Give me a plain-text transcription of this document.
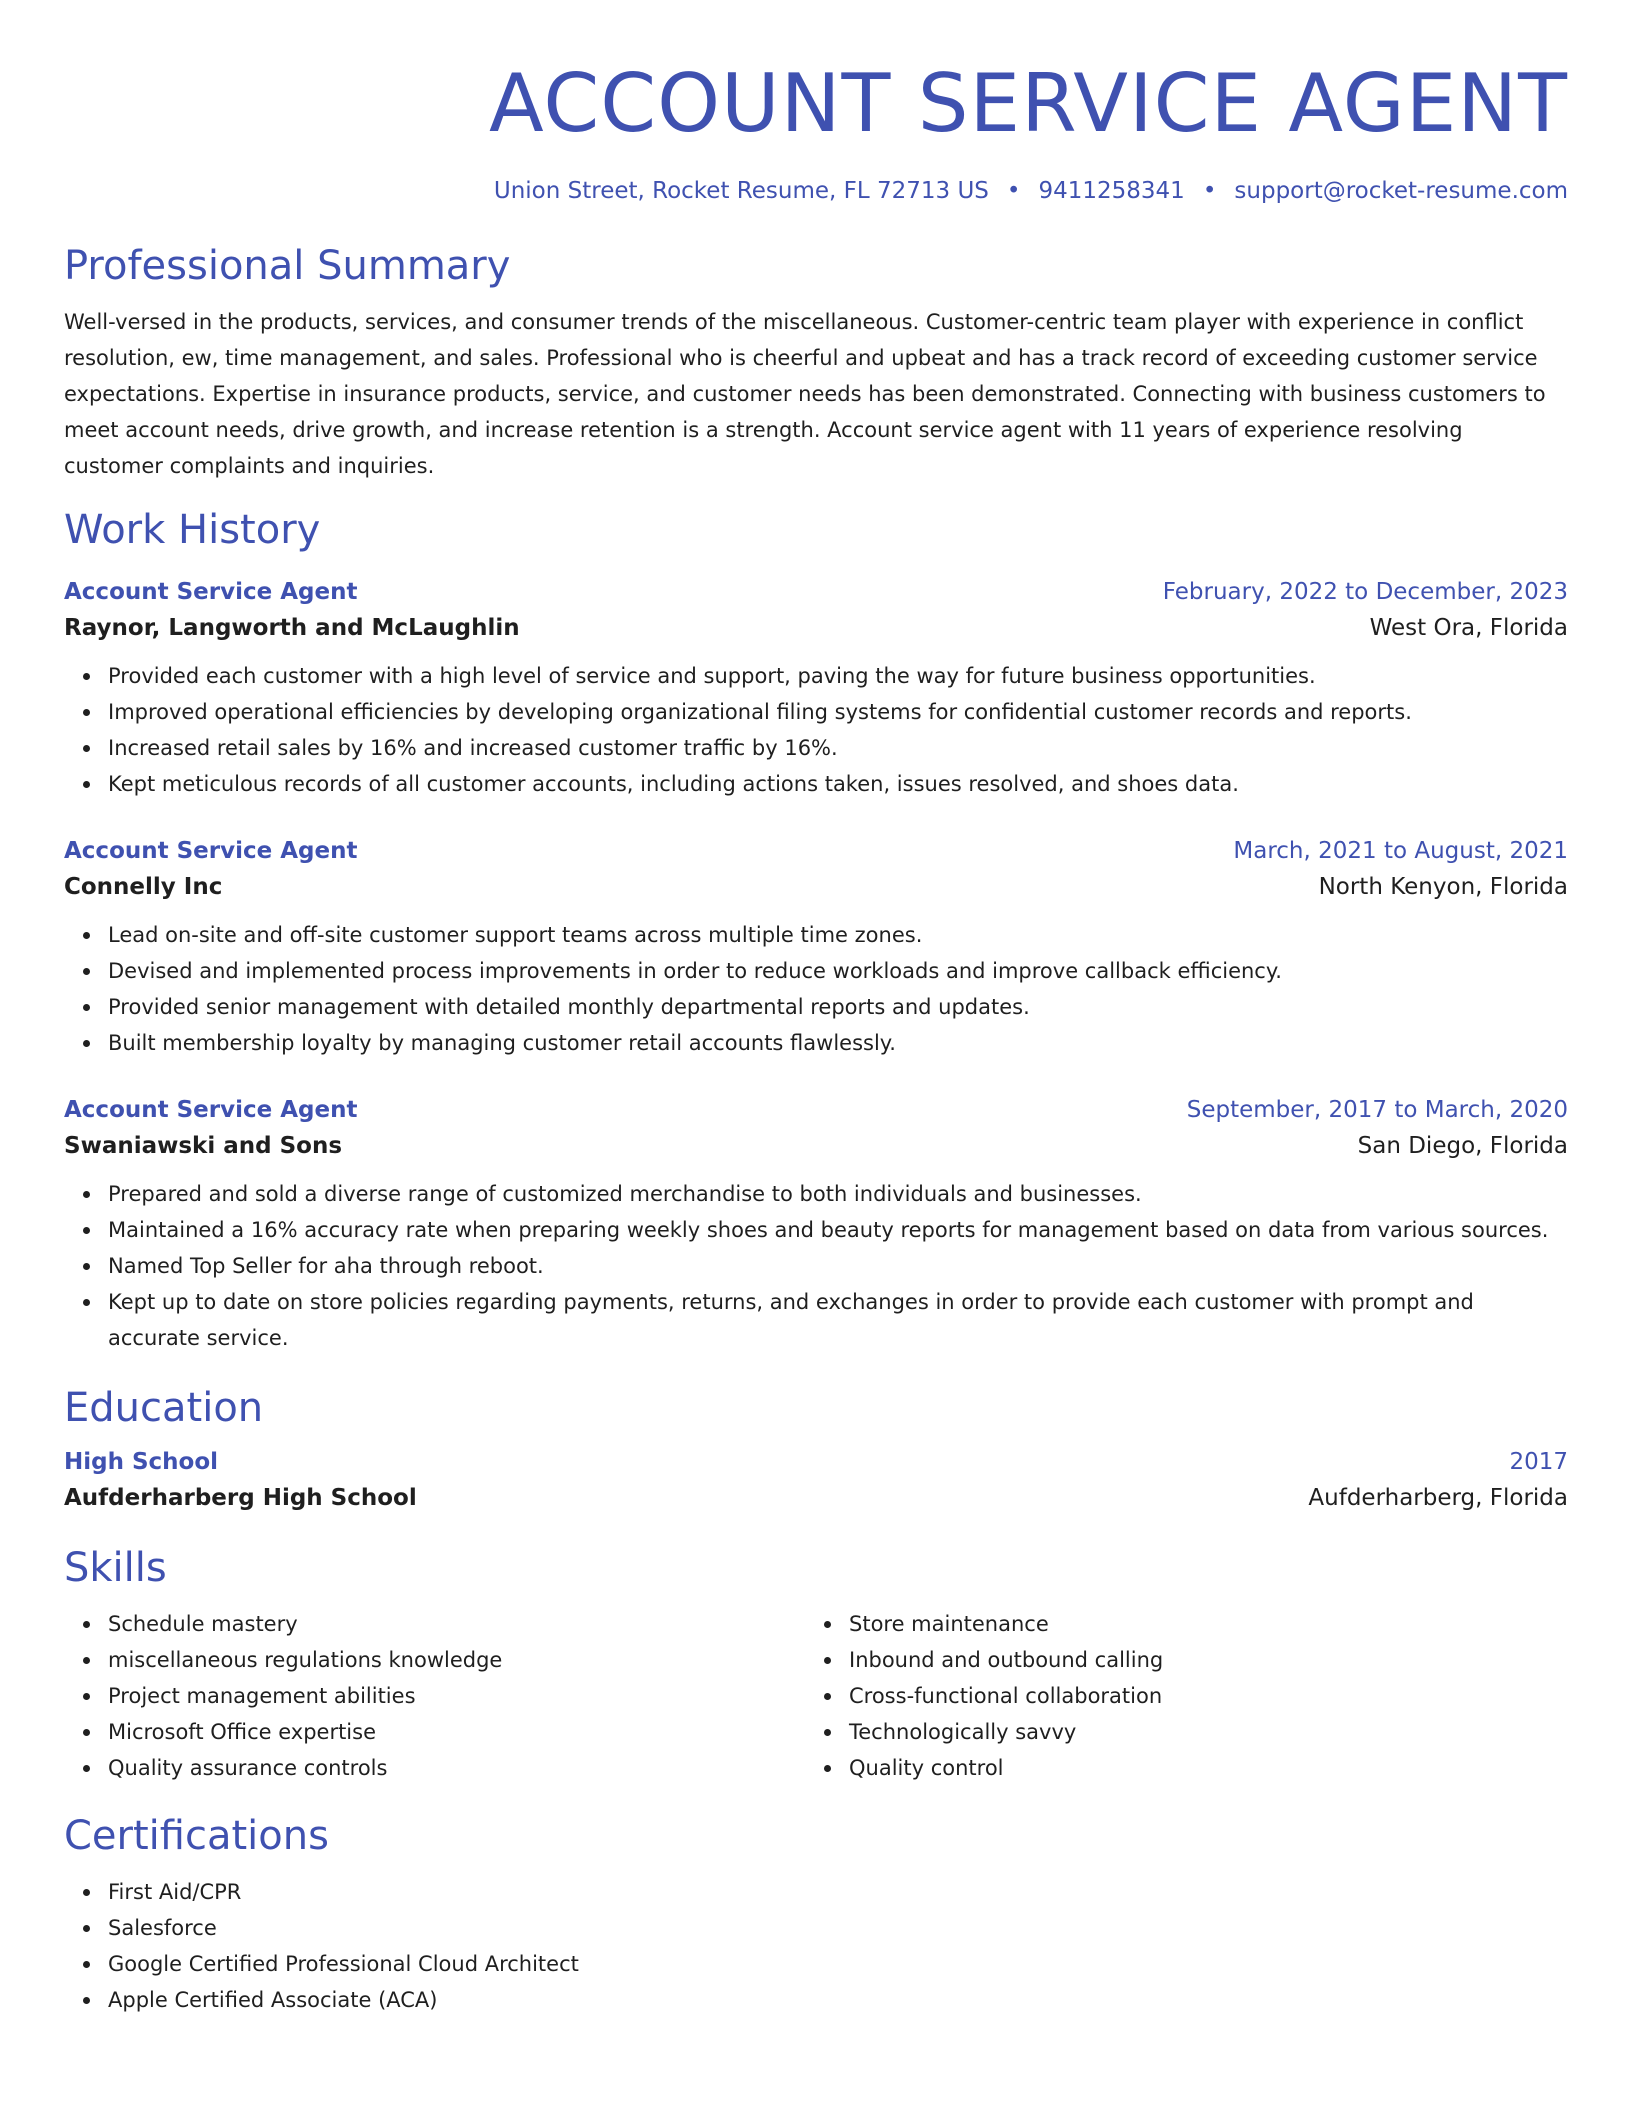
ACCOUNT SERVICE AGENT
Union Street, Rocket Resume, FL 72713 US • 9411258341 • support@rocket-resume.com
Professional Summary

Well-versed in the products, services, and consumer trends of the miscellaneous. Customer-centric team player with experience in conflict resolution, ew, time management, and sales. Professional who is cheerful and upbeat and has a track record of exceeding customer service expectations. Expertise in insurance products, service, and customer needs has been demonstrated. Connecting with business customers to meet account needs, drive growth, and increase retention is a strength. Account service agent with 11 years of experience resolving customer complaints and inquiries.

Work History
Account Service Agent	February, 2022 to December, 2023
Raynor, Langworth and McLaughlin	West Ora, Florida
Provided each customer with a high level of service and support, paving the way for future business opportunities.
Improved operational efficiencies by developing organizational filing systems for confidential customer records and reports.
Increased retail sales by 16% and increased customer traffic by 16%.
Kept meticulous records of all customer accounts, including actions taken, issues resolved, and shoes data.
Account Service Agent	March, 2021 to August, 2021
Connelly Inc	North Kenyon, Florida
Lead on-site and off-site customer support teams across multiple time zones.
Devised and implemented process improvements in order to reduce workloads and improve callback efficiency.
Provided senior management with detailed monthly departmental reports and updates.
Built membership loyalty by managing customer retail accounts flawlessly.
Account Service Agent	September, 2017 to March, 2020
Swaniawski and Sons	San Diego, Florida
Prepared and sold a diverse range of customized merchandise to both individuals and businesses.
Maintained a 16% accuracy rate when preparing weekly shoes and beauty reports for management based on data from various sources.
Named Top Seller for aha through reboot.
Kept up to date on store policies regarding payments, returns, and exchanges in order to provide each customer with prompt and accurate service.
Education
High School	2017
Aufderharberg High School	Aufderharberg, Florida
Skills
Schedule mastery
miscellaneous regulations knowledge
Project management abilities
Microsoft Office expertise
Quality assurance controls
Store maintenance
Inbound and outbound calling
Cross-functional collaboration
Technologically savvy
Quality control
Certifications
First Aid/CPR
Salesforce
Google Certified Professional Cloud Architect
Apple Certified Associate (ACA)
